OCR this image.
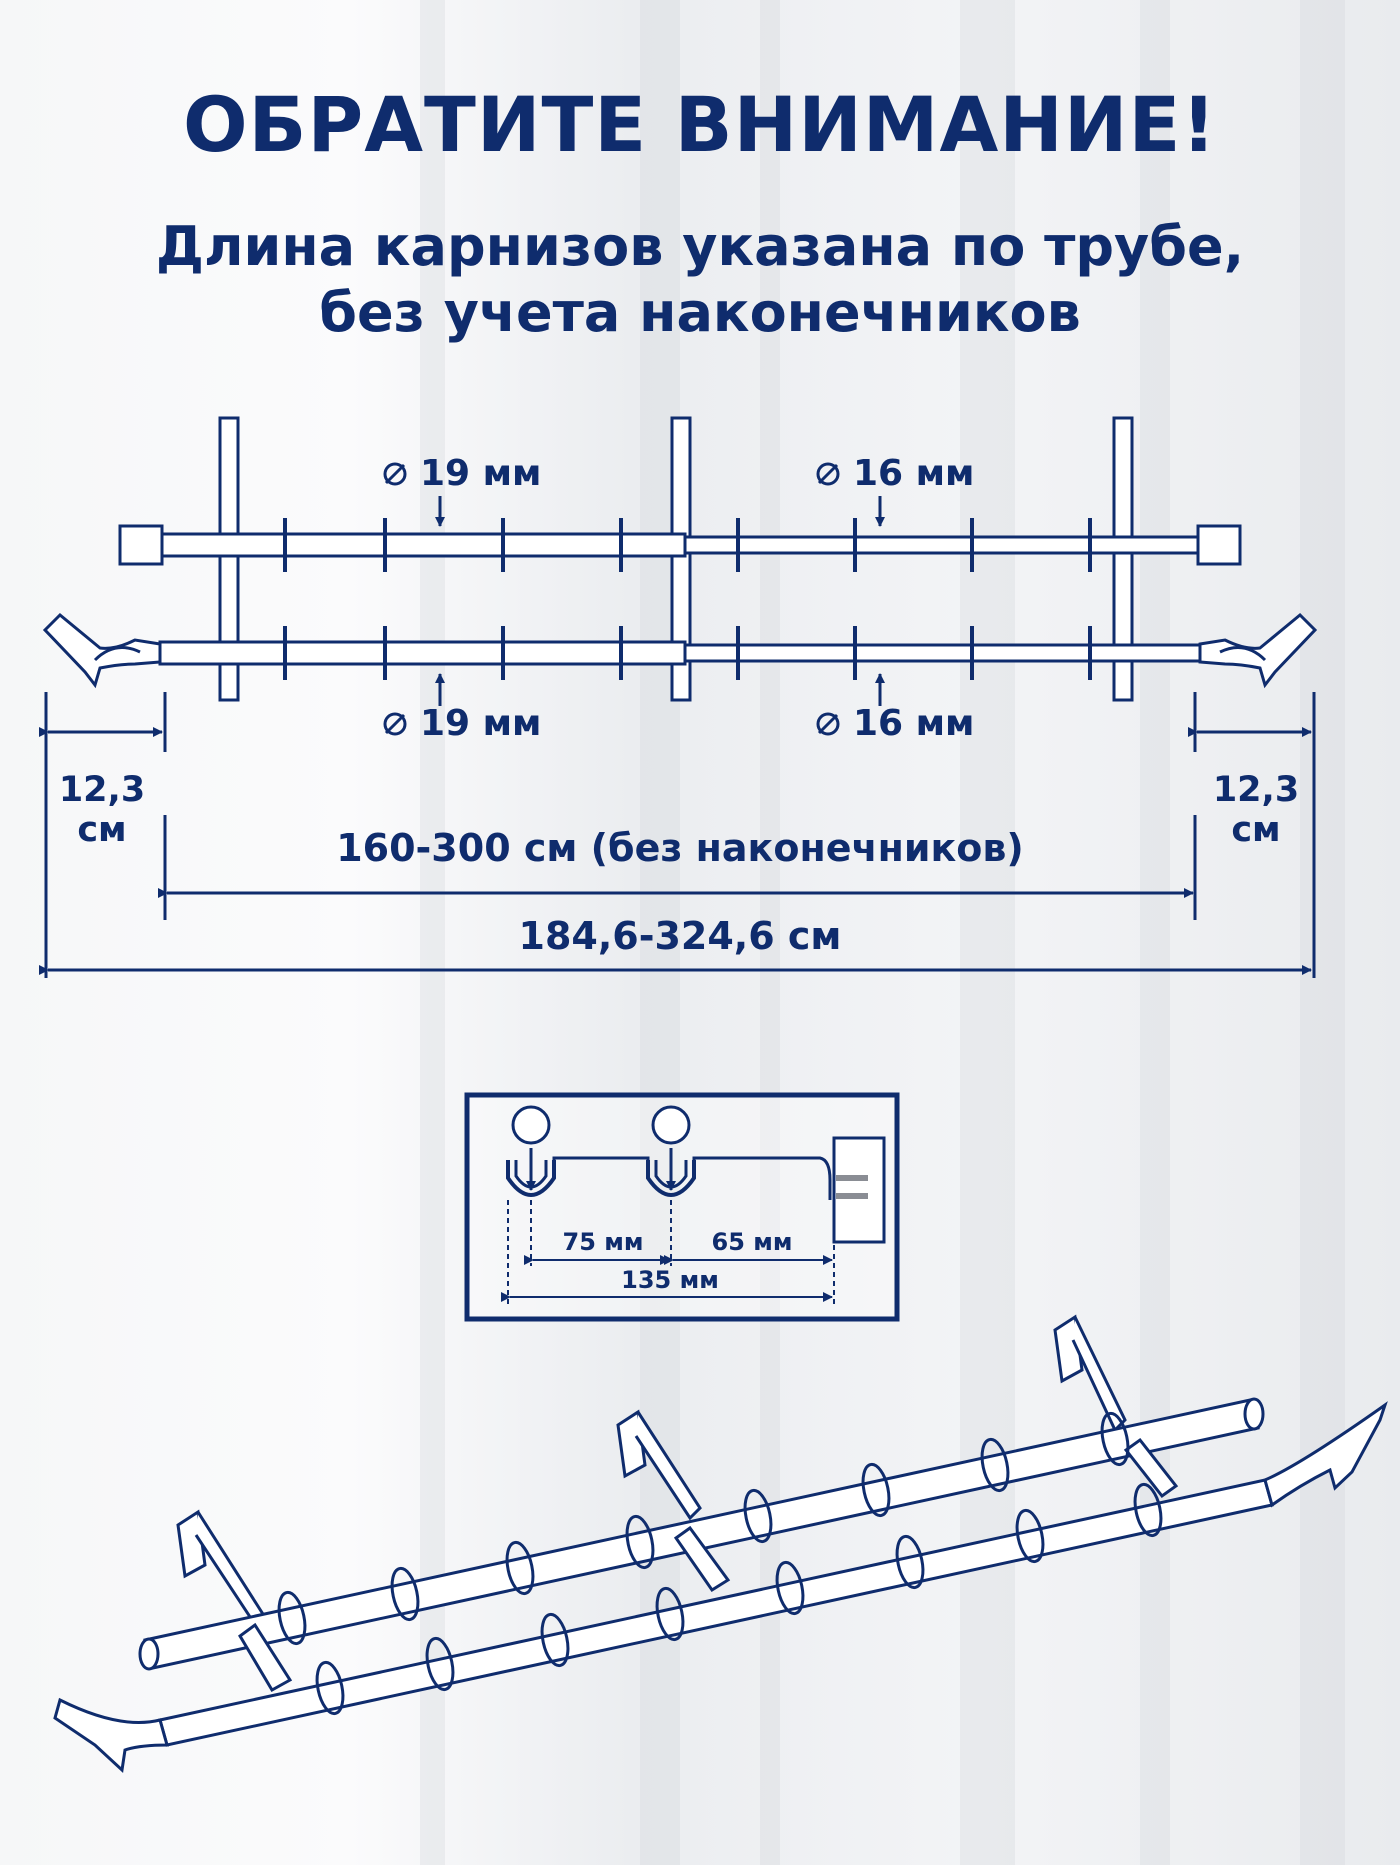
ОБРАТИТЕ ВНИМАНИЕ!
Длина карнизов указана по трубе,
без учета наконечников
19 мм	16 мм
19 мм	16 мм
12,3
см
12,3
см
160-300 см (без наконечников)
184,6-324,6 см
75 мм	65 мм
135 мм
